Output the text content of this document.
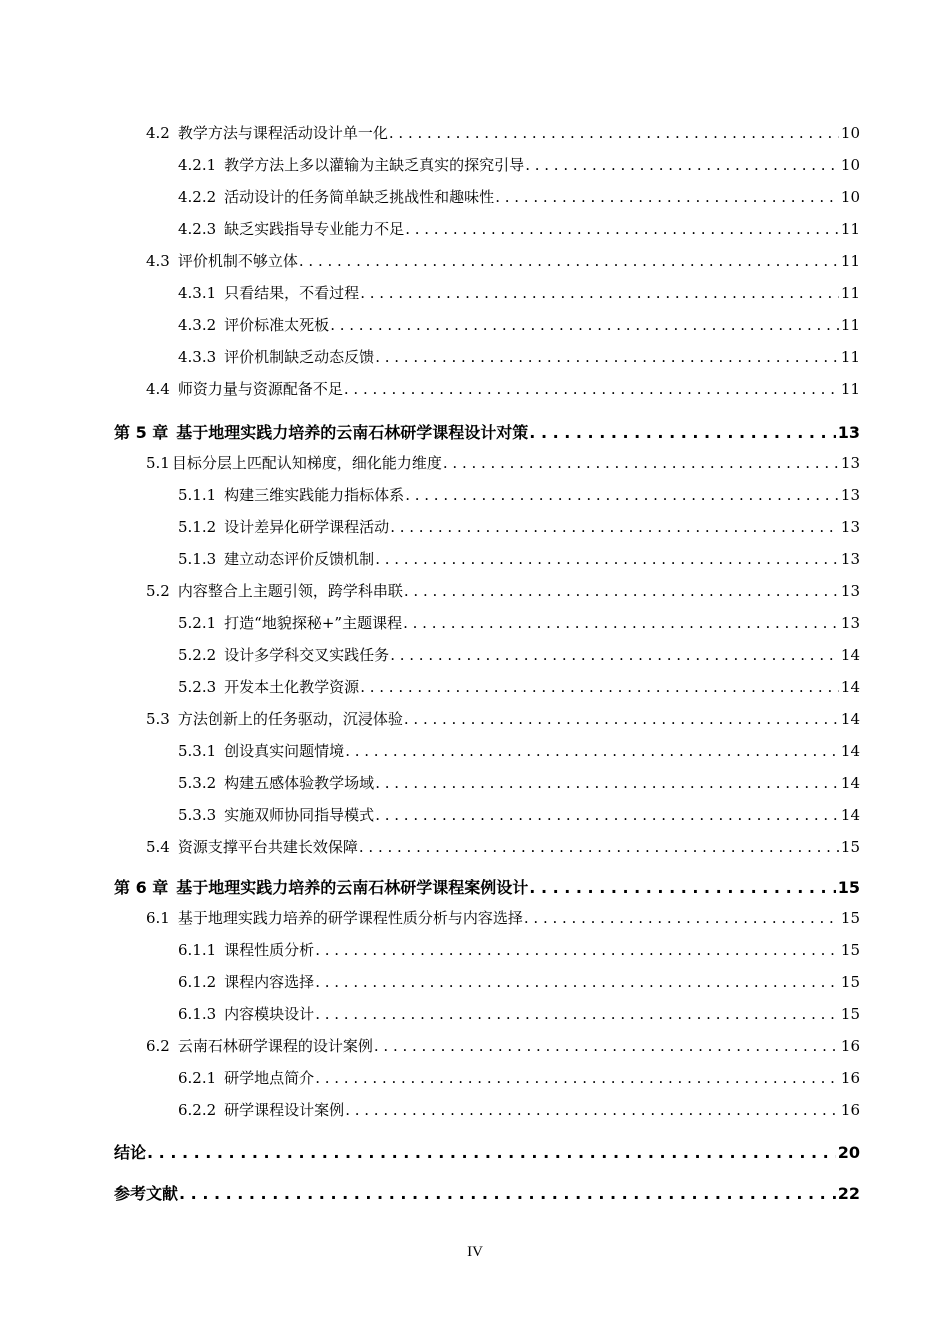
4.2 教学方法与课程活动设计单一化 . . .	10
4.2.1 教学方法上多以灌输为主缺乏真实的探究引导 . . .	10
4.2.2 活动设计的任务简单缺乏挑战性和趣味性 . . .	10
4.2.3 缺乏实践指导专业能力不足 . . .	11
4.3 评价机制不够立体 . . .	11
4.3.1 只看结果，不看过程 . . .	11
4.3.2 评价标准太死板 . . .	11
4.3.3 评价机制缺乏动态反馈 . . .	11
4.4 师资力量与资源配备不足 . . .	11
第 5 章 基于地理实践力培养的云南石林研学课程设计对策 . . .	13
5.1 目标分层上匹配认知梯度，细化能力维度 . . .	13
5.1.1 构建三维实践能力指标体系 . . .	13
5.1.2 设计差异化研学课程活动 . . .	13
5.1.3 建立动态评价反馈机制 . . .	13
5.2 内容整合上主题引领，跨学科串联 . . .	13
5.2.1 打造“地貌探秘+”主题课程 . . .	13
5.2.2 设计多学科交叉实践任务 . . .	14
5.2.3 开发本土化教学资源 . . .	14
5.3 方法创新上的任务驱动，沉浸体验 . . .	14
5.3.1 创设真实问题情境 . . .	14
5.3.2 构建五感体验教学场域 . . .	14
5.3.3 实施双师协同指导模式 . . .	14
5.4 资源支撑平台共建长效保障 . . .	15
第 6 章 基于地理实践力培养的云南石林研学课程案例设计 . . .	15
6.1 基于地理实践力培养的研学课程性质分析与内容选择 . . .	15
6.1.1 课程性质分析 . . .	15
6.1.2 课程内容选择 . . .	15
6.1.3 内容模块设计 . . .	15
6.2 云南石林研学课程的设计案例 . . .	16
6.2.1 研学地点简介 . . .	16
6.2.2 研学课程设计案例 . . .	16
结论 . . .	20
参考文献 . . .	22
IV
